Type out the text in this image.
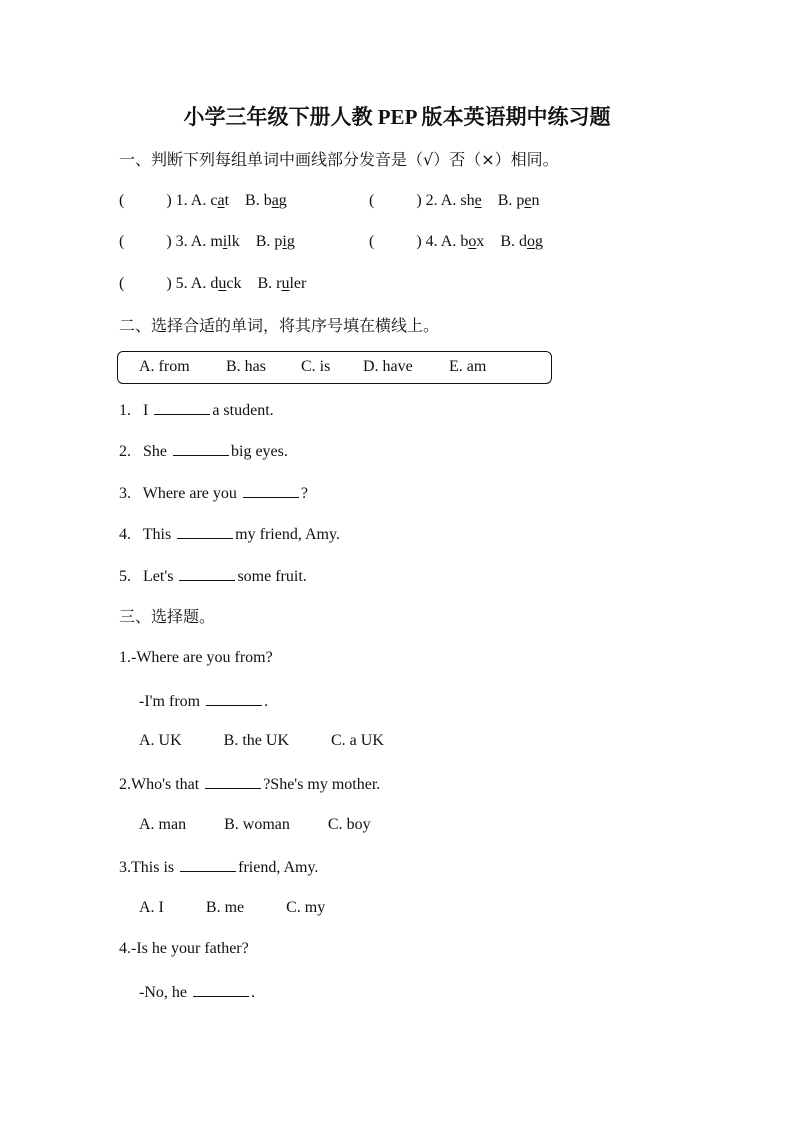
小学三年级下册人教 PEP 版本英语期中练习题
一、判断下列每组单词中画线部分发音是（√）否（×）相同。
(	) 1. A. cat B. bag	(	) 2. A. she B. pen
(	) 3. A. milk B. pig	(	) 4. A. box B. dog
(	) 5. A. duck B. ruler
二、选择合适的单词，将其序号填在横线上。
A. from B. has C. is D. have E. am
1. I	a student.
2. She	big eyes.
3. Where are you	?
4. This	my friend, Amy.
5. Let's	some fruit.
三、选择题。
1.-Where are you from?
-I'm from	.
A. UK	B. the UK	C. a UK
2.Who's that	?She's my mother.
A. man B. woman C. boy
3.This is	friend, Amy.
A. I	B. me	C. my
4.-Is he your father?
-No, he	.
